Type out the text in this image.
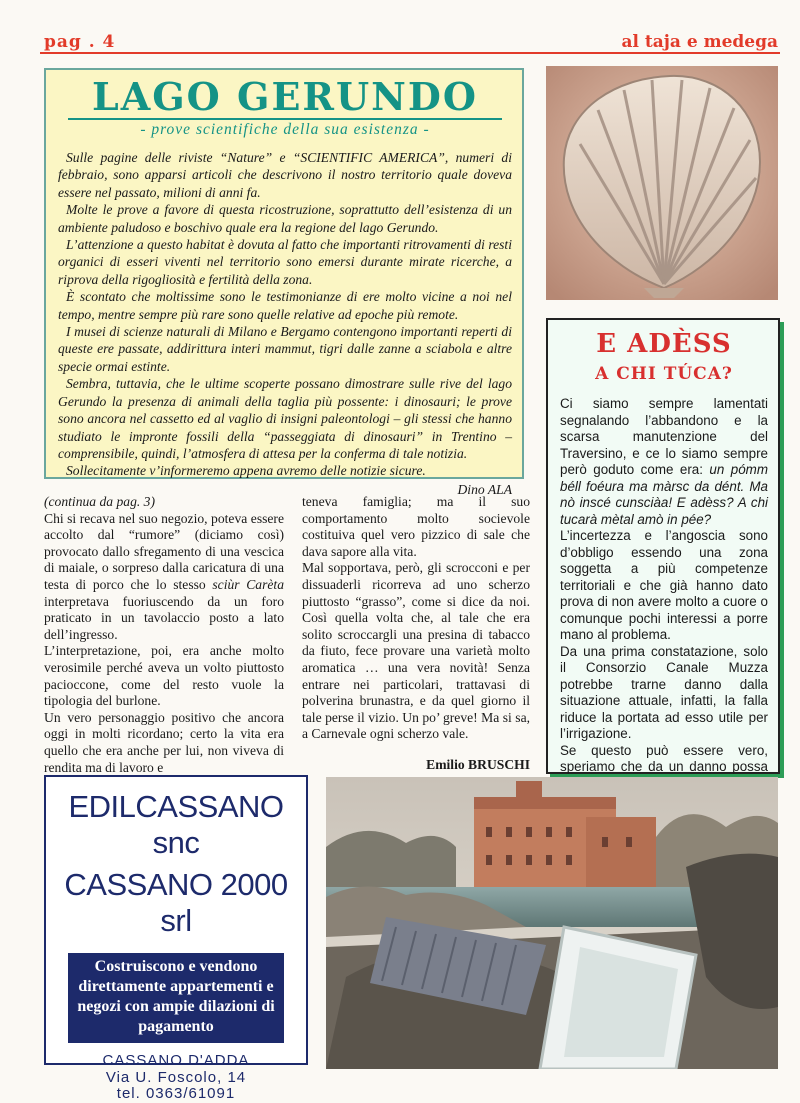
pag . 4	al taja e medega
LAGO GERUNDO
- prove scientifiche della sua esistenza -

Sulle pagine delle riviste “Nature” e “SCIENTIFIC AMERICA”, numeri di febbraio, sono apparsi articoli che descrivono il nostro territorio quale doveva essere nel passato, milioni di anni fa.

Molte le prove a favore di questa ricostruzione, soprattutto dell’esistenza di un ambiente paludoso e boschivo quale era la regione del lago Gerundo.

L’attenzione a questo habitat è dovuta al fatto che importanti ritrovamenti di resti organici di esseri viventi nel territorio sono emersi durante mirate ricerche, a riprova della rigogliosità e fertilità della zona.

È scontato che moltissime sono le testimonianze di ere molto vicine a noi nel tempo, mentre sempre più rare sono quelle relative ad epoche più remote.

I musei di scienze naturali di Milano e Bergamo contengono importanti reperti di queste ere passate, addirittura interi mammut, tigri dalle zanne a sciabola e altre specie ormai estinte.

Sembra, tuttavia, che le ultime scoperte possano dimostrare sulle rive del lago Gerundo la presenza di animali della taglia più possente: i dinosauri; le prove sono ancora nel cassetto ed al vaglio di insigni paleontologi – gli stessi che hanno studiato le impronte fossili della “passeggiata di dinosauri” in Trentino – comprensibile, quindi, l’atmosfera di attesa per la conferma di tale notizia.

Sollecitamente v’informeremo appena avremo delle notizie sicure.

Dino ALA
E ADÈSS
A CHI TÚCA?

Ci siamo sempre lamentati segnalando l’abbandono e la scarsa manutenzione del Traversino, e ce lo siamo sempre però goduto come era: un pómm béll foéura ma màrsc da dént. Ma nò inscé cunsciàa! E adèss? A chi tucarà mètal amò in pée?

L’incertezza e l’angoscia sono d’obbligo essendo una zona soggetta a più competenze territoriali e che già hanno dato prova di non avere molto a cuore o comunque pochi interessi a porre mano al problema.

Da una prima constatazione, solo il Consorzio Canale Muzza potrebbe trarne danno dalla situazione attuale, infatti, la falla riduce la portata ad esso utile per l’irrigazione.

Se questo può essere vero, speriamo che da un danno possa

(continua da pag. 3)

Chi si recava nel suo negozio, poteva essere accolto dal “rumore” (diciamo così) provocato dallo sfregamento di una vescica di maiale, o sorpreso dalla caricatura di una testa di porco che lo stesso sciùr Carèta interpretava fuoriuscendo da un foro praticato in un tavolaccio posto a lato dell’ingresso.

L’interpretazione, poi, era anche molto verosimile perché aveva un volto piuttosto pacioccone, come del resto vuole la tipologia del burlone.

Un vero personaggio positivo che ancora oggi in molti ricordano; certo la vita era quello che era anche per lui, non viveva di rendita ma di lavoro e

teneva famiglia; ma il suo comportamento molto socievole costituiva quel vero pizzico di sale che dava sapore alla vita.

Mal sopportava, però, gli scrocconi e per dissuaderli ricorreva ad uno scherzo piuttosto “grasso”, come si dice da noi. Così quella volta che, al tale che era solito scroccargli una presina di tabacco da fiuto, fece provare una varietà molto aromatica … una vera novità! Senza entrare nei particolari, trattavasi di polverina brunastra, e da quel giorno il tale perse il vizio. Un po’ greve! Ma si sa, a Carnevale ogni scherzo vale.

Emilio BRUSCHI

EDILCASSANO snc
CASSANO 2000 srl
Costruiscono e vendono direttamente appartementi e negozi con ampie dilazioni di pagamento
CASSANO D'ADDA
Via U. Foscolo, 14
tel. 0363/61091
